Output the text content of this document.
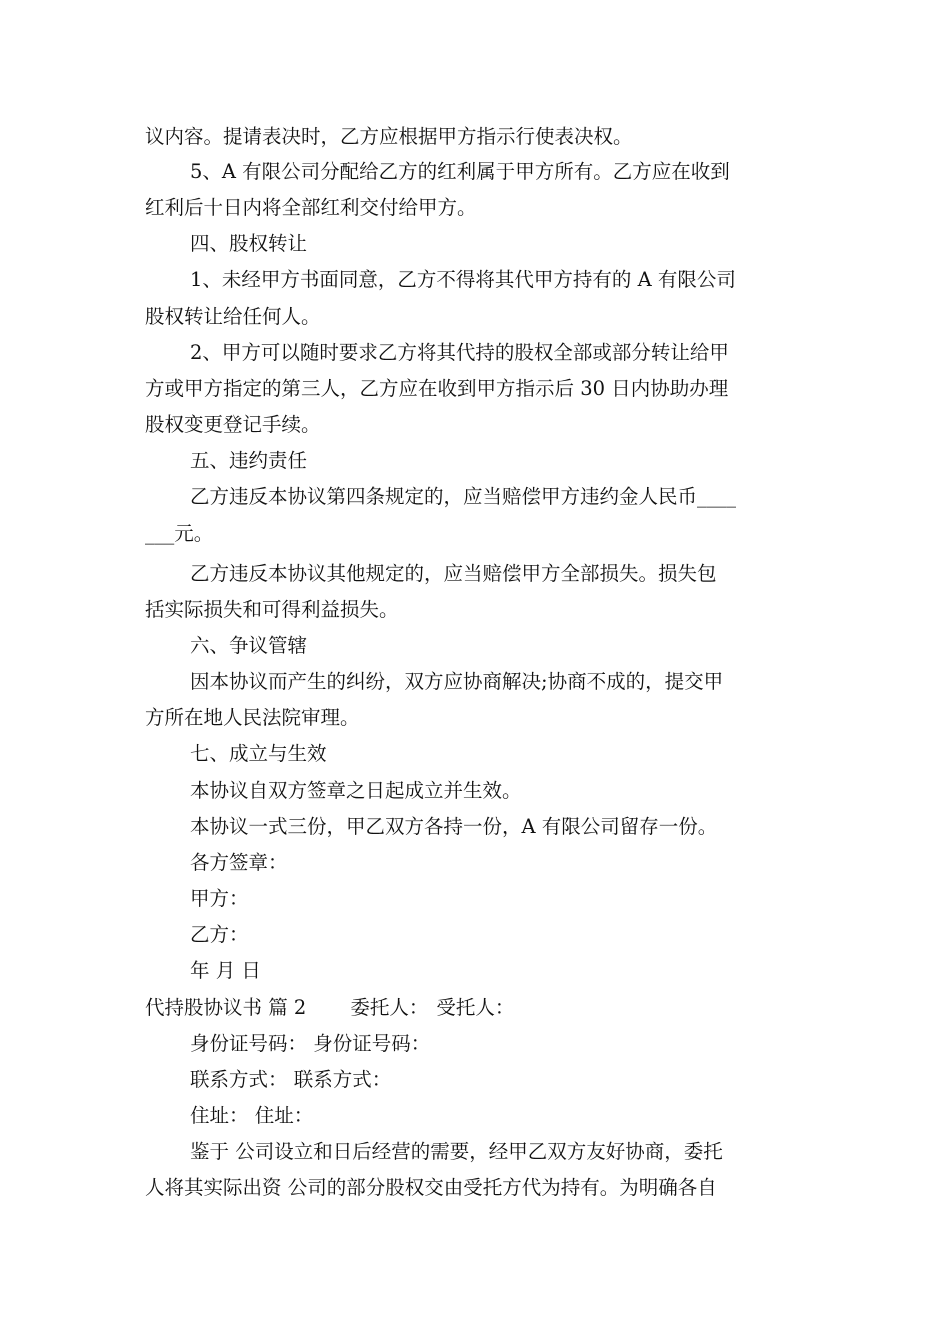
议内容。提请表决时，乙方应根据甲方指示行使表决权。
5、A 有限公司分配给乙方的红利属于甲方所有。乙方应在收到
红利后十日内将全部红利交付给甲方。
四、股权转让
1、未经甲方书面同意，乙方不得将其代甲方持有的 A 有限公司
股权转让给任何人。
2、甲方可以随时要求乙方将其代持的股权全部或部分转让给甲
方或甲方指定的第三人，乙方应在收到甲方指示后 30 日内协助办理
股权变更登记手续。
五、违约责任
乙方违反本协议第四条规定的，应当赔偿甲方违约金人民币____
___元。
乙方违反本协议其他规定的，应当赔偿甲方全部损失。损失包
括实际损失和可得利益损失。
六、争议管辖
因本协议而产生的纠纷，双方应协商解决;协商不成的，提交甲
方所在地人民法院审理。
七、成立与生效
本协议自双方签章之日起成立并生效。
本协议一式三份，甲乙双方各持一份，A 有限公司留存一份。
各方签章：
甲方：
乙方：
年 月 日
代持股协议书 篇 2 委托人： 受托人：
身份证号码： 身份证号码：
联系方式： 联系方式：
住址： 住址：
鉴于 公司设立和日后经营的需要，经甲乙双方友好协商，委托
人将其实际出资 公司的部分股权交由受托方代为持有。为明确各自
